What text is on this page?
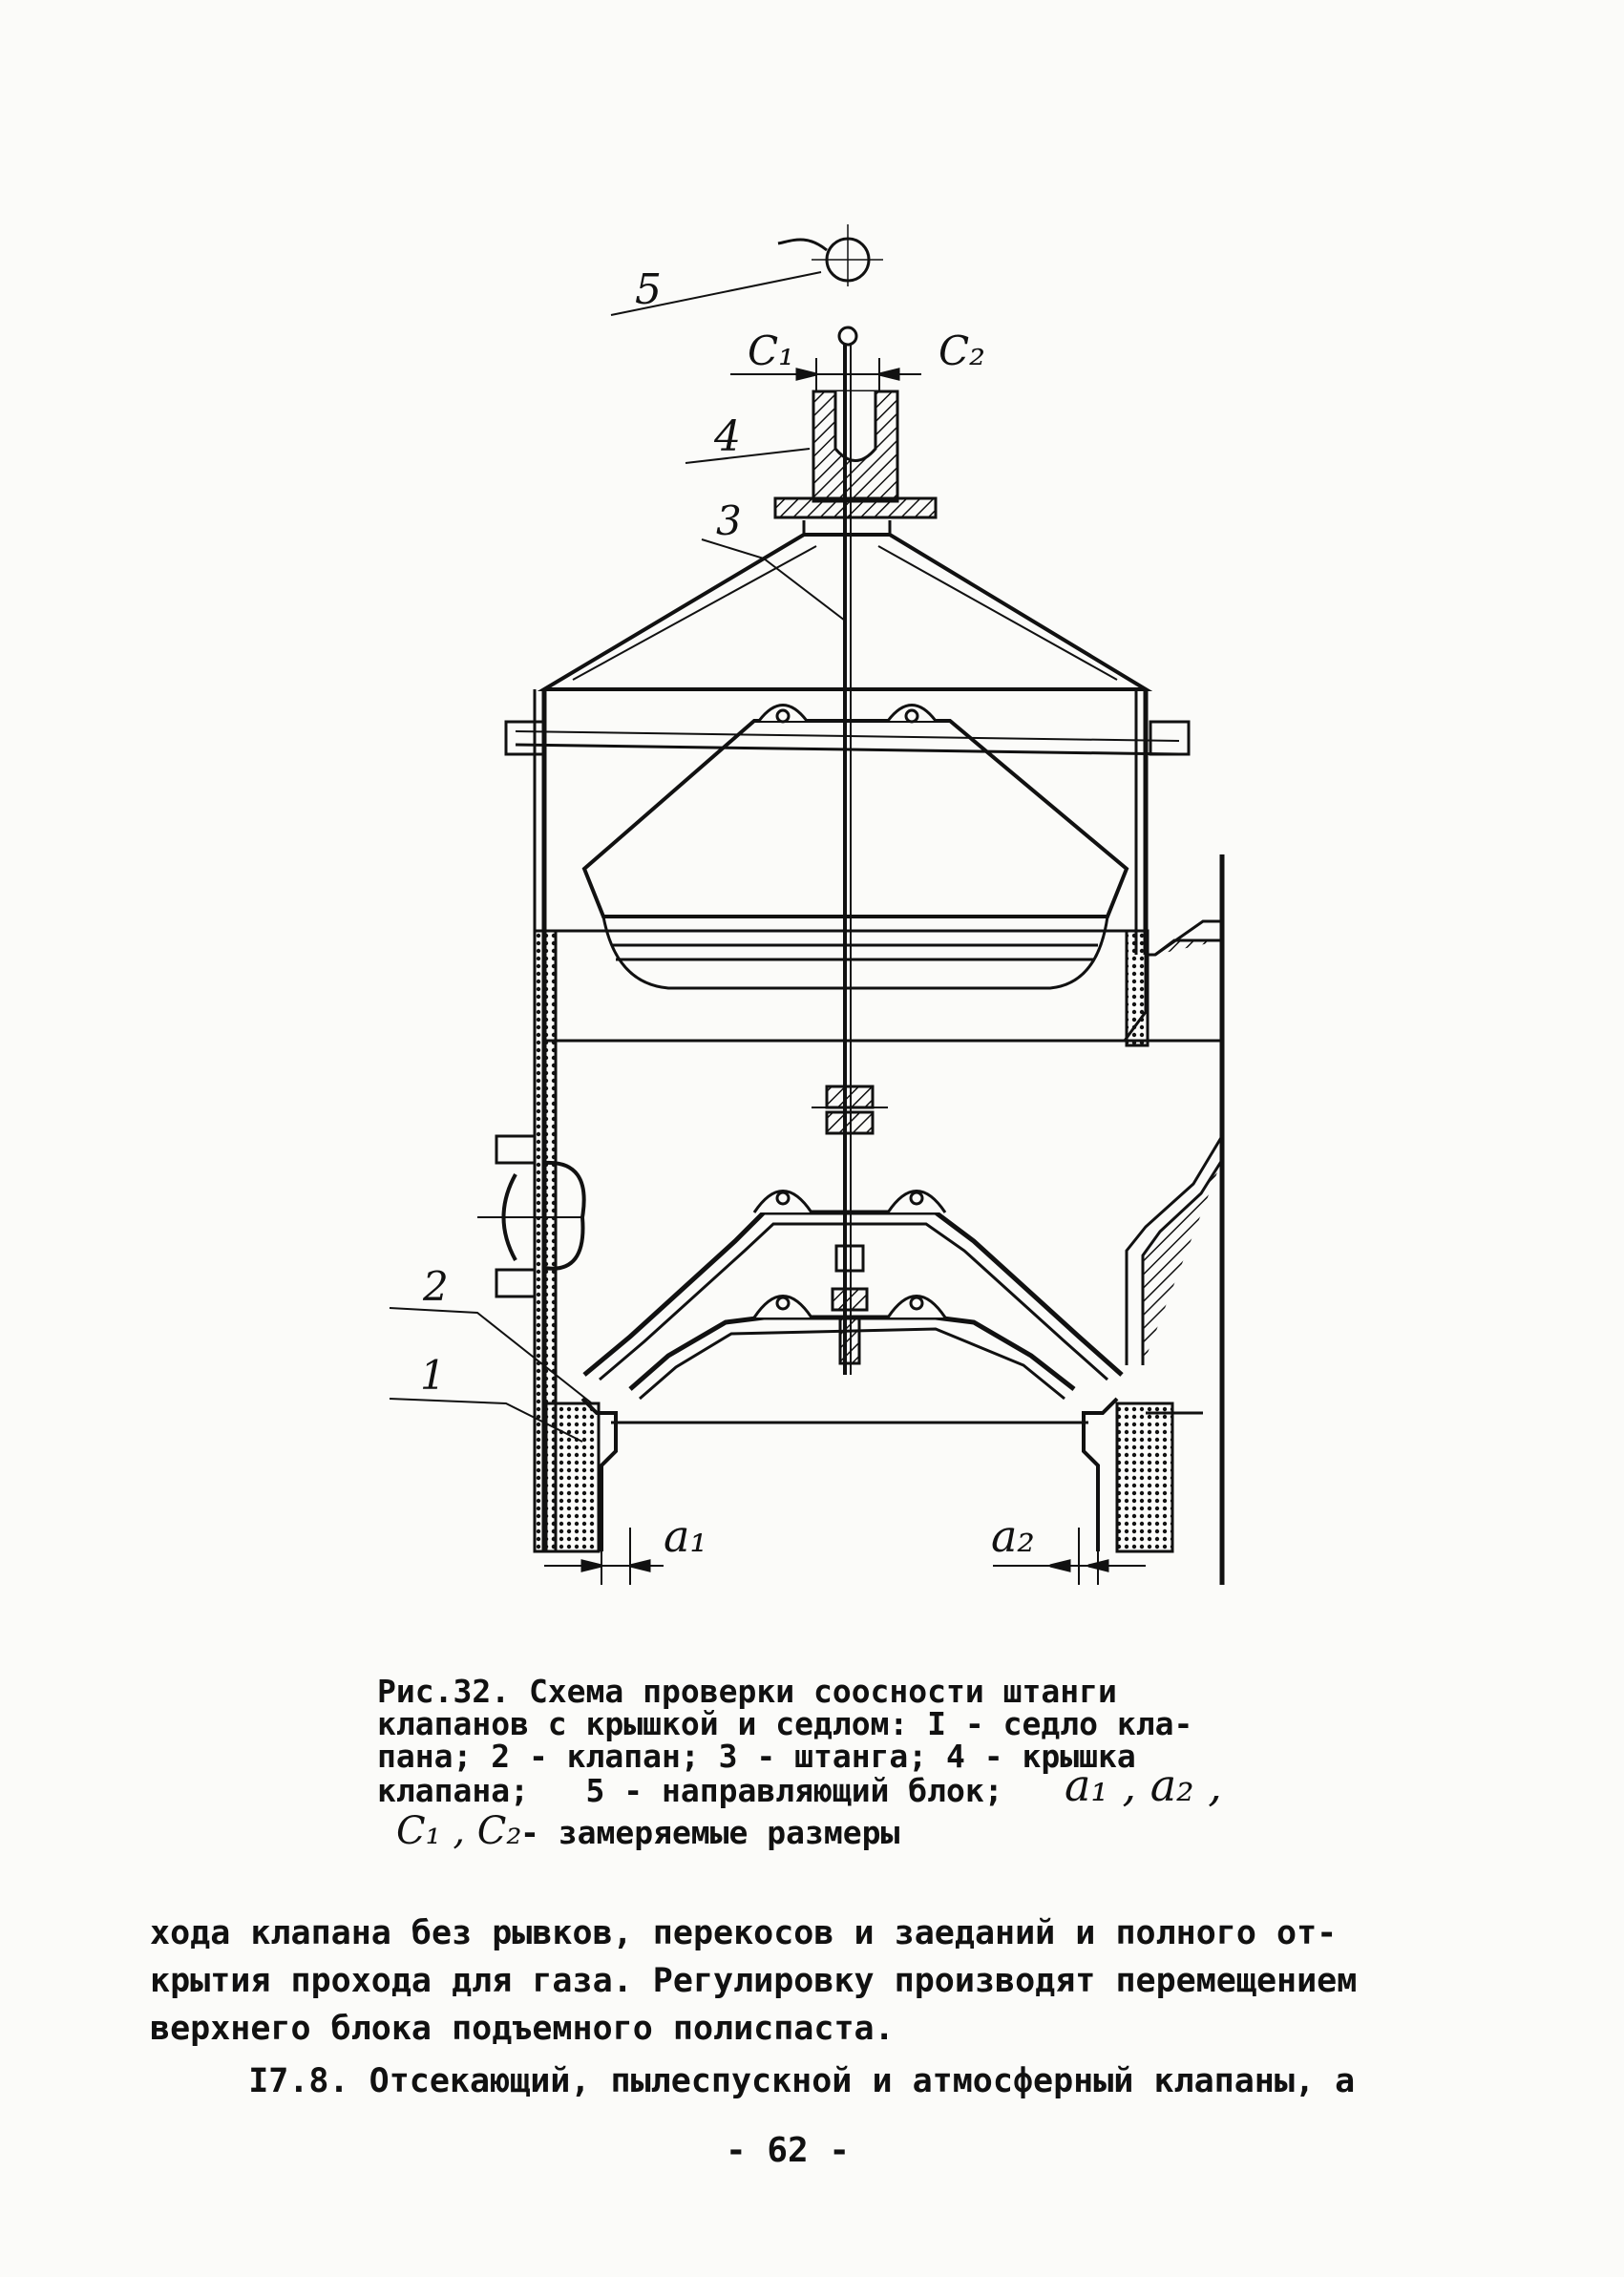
5
С₁	С₂
4
3
2
1
а₁	а₂
Рис.32. Схема проверки соосности штанги
клапанов с крышкой и седлом: I - седло кла-
пана; 2 - клапан; 3 - штанга; 4 - крышка
клапана;   5 - направляющий блок; а₁ , а₂ ,
С₁ , С₂
- замеряемые размеры
хода клапана без рывков, перекосов и заеданий и полного от-
крытия прохода для газа. Регулировку производят перемещением
верхнего блока подъемного полиспаста.
I7.8. Отсекающий, пылеспускной и атмосферный клапаны, а
- 62 -
